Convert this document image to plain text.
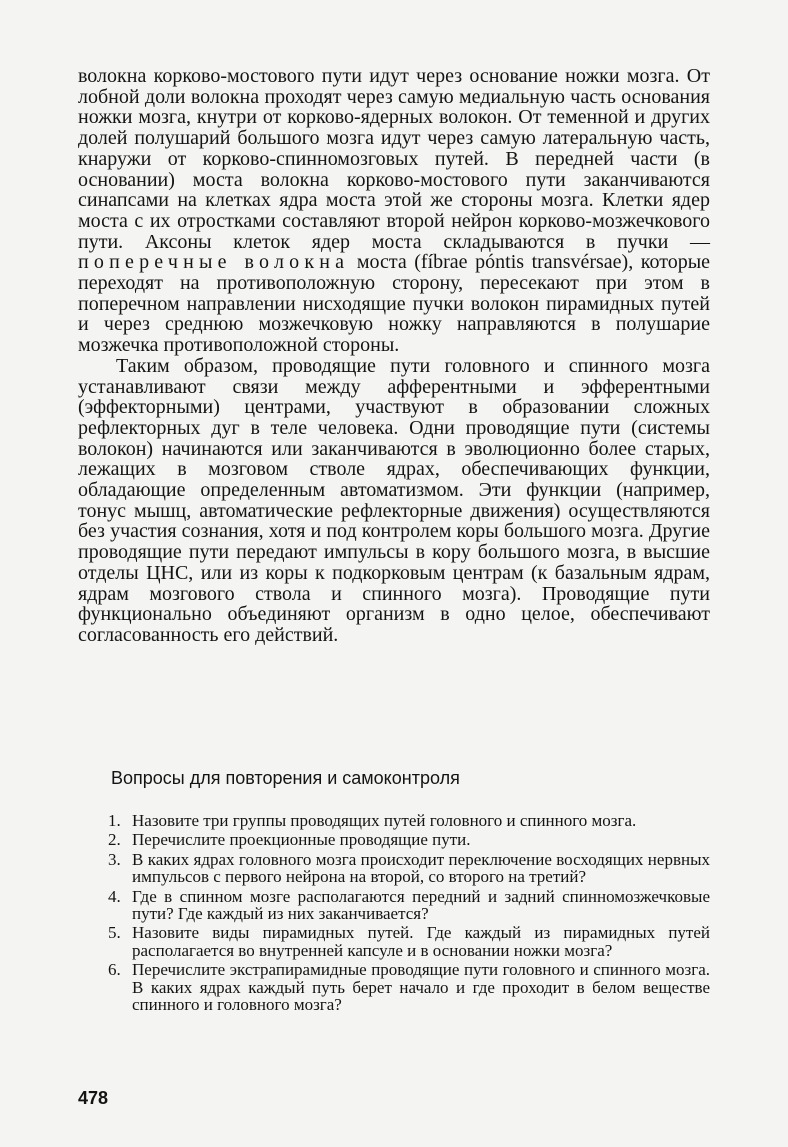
волокна корково-мостового пути идут через основание ножки мозга. От лобной доли волокна проходят через самую медиальную часть основания ножки мозга, кнутри от корково-ядерных волокон. От теменной и других долей полушарий большого мозга идут через самую латеральную часть, кнаружи от корково-спинномозговых путей. В передней части (в основании) моста волокна корково-мостового пути заканчиваются синапсами на клетках ядра моста этой же стороны мозга. Клетки ядер моста с их отростками составляют второй нейрон корково-мозжечкового пути. Аксоны клеток ядер моста складываются в пучки — поперечные волокна моста (fíbrae póntis transvérsae), которые переходят на противоположную сторону, пересекают при этом в поперечном направлении нисходящие пучки волокон пирамидных путей и через среднюю мозжечковую ножку направляются в полушарие мозжечка противоположной стороны.

Таким образом, проводящие пути головного и спинного мозга устанавливают связи между афферентными и эфферентными (эффекторными) центрами, участвуют в образовании сложных рефлекторных дуг в теле человека. Одни проводящие пути (системы волокон) начинаются или заканчиваются в эволюционно более старых, лежащих в мозговом стволе ядрах, обеспечивающих функции, обладающие определенным автоматизмом. Эти функции (например, тонус мышц, автоматические рефлекторные движения) осуществляются без участия сознания, хотя и под контролем коры большого мозга. Другие проводящие пути передают импульсы в кору большого мозга, в высшие отделы ЦНС, или из коры к подкорковым центрам (к базальным ядрам, ядрам мозгового ствола и спинного мозга). Проводящие пути функционально объединяют организм в одно целое, обеспечивают согласованность его действий.

Вопросы для повторения и самоконтроля
1. Назовите три группы проводящих путей головного и спинного мозга.
2. Перечислите проекционные проводящие пути.
3. В каких ядрах головного мозга происходит переключение восходящих нервных импульсов с первого нейрона на второй, со второго на третий?
4. Где в спинном мозге располагаются передний и задний спинномозжечковые пути? Где каждый из них заканчивается?
5. Назовите виды пирамидных путей. Где каждый из пирамидных путей располагается во внутренней капсуле и в основании ножки мозга?
6. Перечислите экстрапирамидные проводящие пути головного и спинного мозга. В каких ядрах каждый путь берет начало и где проходит в белом веществе спинного и головного мозга?
478
